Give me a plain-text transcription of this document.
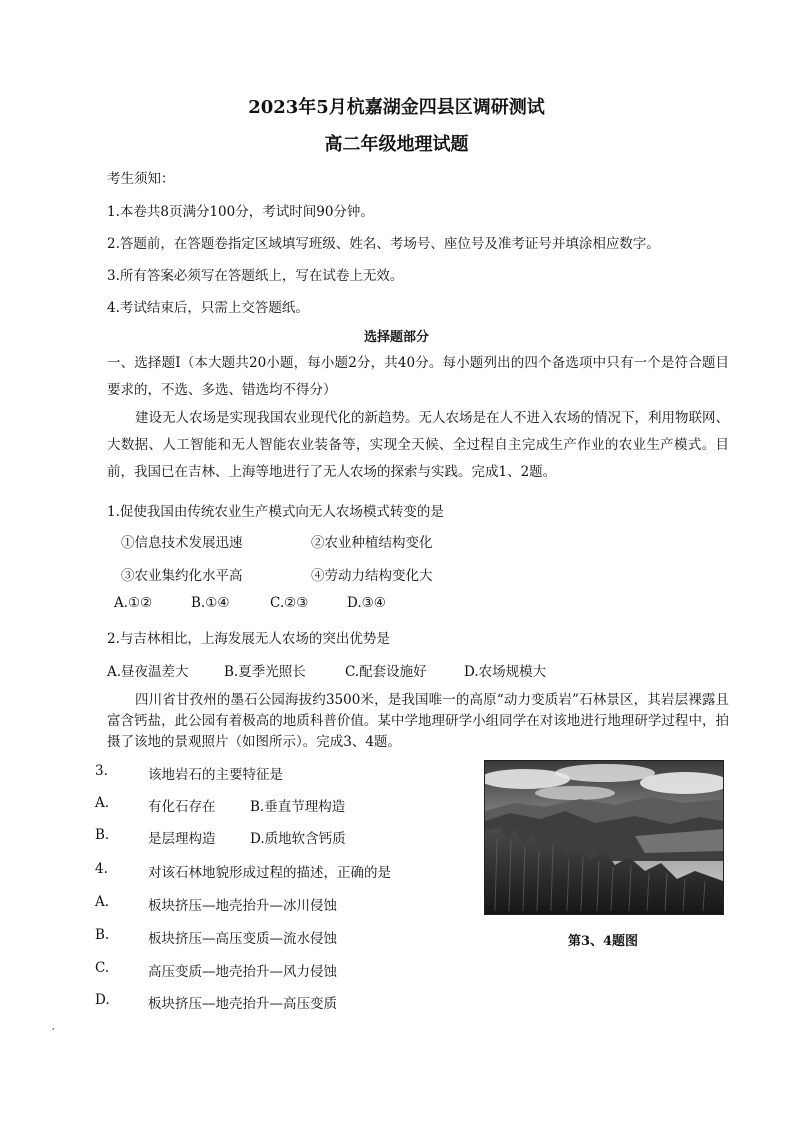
2023年5月杭嘉湖金四县区调研测试
高二年级地理试题
考生须知：
1.本卷共8页满分100分，考试时间90分钟。
2.答题前，在答题卷指定区域填写班级、姓名、考场号、座位号及准考证号并填涂相应数字。
3.所有答案必须写在答题纸上，写在试卷上无效。
4.考试结束后，只需上交答题纸。
选择题部分
一、选择题Ⅰ（本大题共20小题，每小题2分，共40分。每小题列出的四个备选项中只有一个是符合题目要求的，不选、多选、错选均不得分）
建设无人农场是实现我国农业现代化的新趋势。无人农场是在人不进入农场的情况下，利用物联网、大数据、人工智能和无人智能农业装备等，实现全天候、全过程自主完成生产作业的农业生产模式。目前，我国已在吉林、上海等地进行了无人农场的探索与实践。完成1、2题。
1.促使我国由传统农业生产模式向无人农场模式转变的是
①信息技术发展迅速	②农业种植结构变化
③农业集约化水平高	④劳动力结构变化大
A.①②	B.①④	C.②③	D.③④
2.与吉林相比，上海发展无人农场的突出优势是
A.昼夜温差大	B.夏季光照长	C.配套设施好	D.农场规模大
四川省甘孜州的墨石公园海拔约3500米，是我国唯一的高原“动力变质岩”石林景区，其岩层裸露且富含钙盐，此公园有着极高的地质科普价值。某中学地理研学小组同学在对该地进行地理研学过程中，拍摄了该地的景观照片（如图所示）。完成3、4题。
3.	该地岩石的主要特征是
A.	有化石存在	B.垂直节理构造
B.	是层理构造	D.质地软含钙质
4.	对该石林地貌形成过程的描述，正确的是
A.	板块挤压—地壳抬升—冰川侵蚀
B.	板块挤压—高压变质—流水侵蚀
C.	高压变质—地壳抬升—风力侵蚀
D.	板块挤压—地壳抬升—高压变质
第3、4题图
,
